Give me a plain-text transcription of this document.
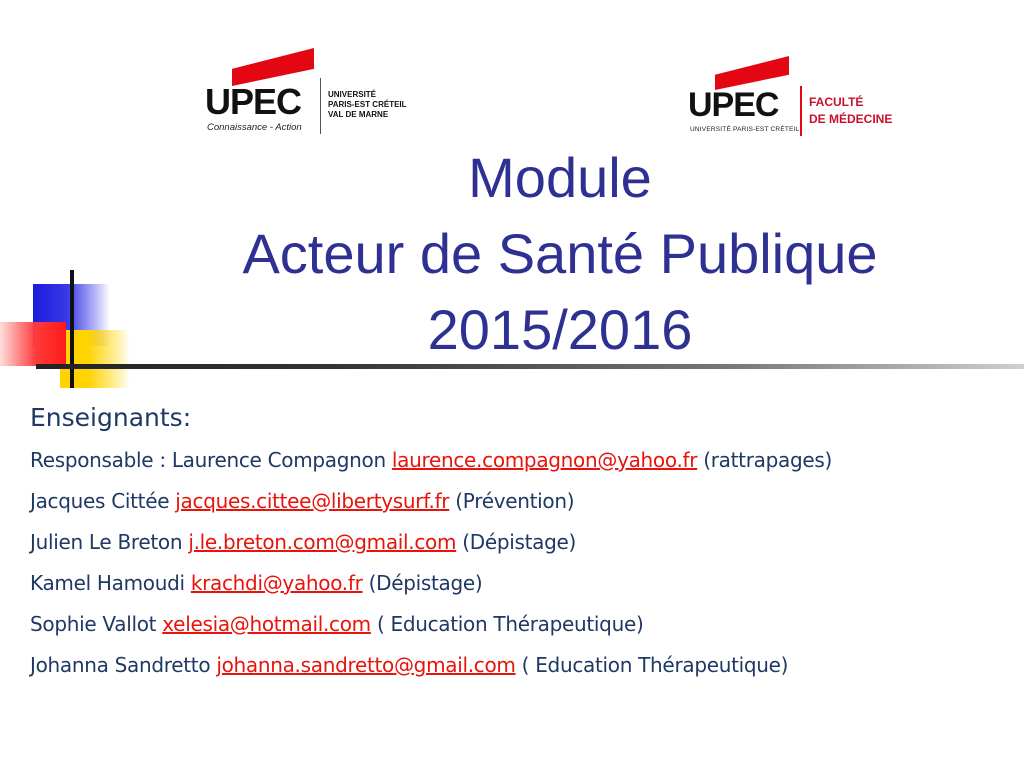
UPEC
Connaissance - Action
UNIVERSITÉ
PARIS-EST CRÉTEIL
VAL DE MARNE	UPEC
UNIVERSITÉ PARIS-EST CRÉTEIL
FACULTÉ
DE MÉDECINE
Module
Acteur de Santé Publique
2015/2016
Enseignants:
Responsable : Laurence Compagnon laurence.compagnon@yahoo.fr (rattrapages)
Jacques Cittée jacques.cittee@libertysurf.fr (Prévention)
Julien Le Breton j.le.breton.com@gmail.com (Dépistage)
Kamel Hamoudi krachdi@yahoo.fr (Dépistage)
Sophie Vallot xelesia@hotmail.com ( Education Thérapeutique)
Johanna Sandretto johanna.sandretto@gmail.com ( Education Thérapeutique)
